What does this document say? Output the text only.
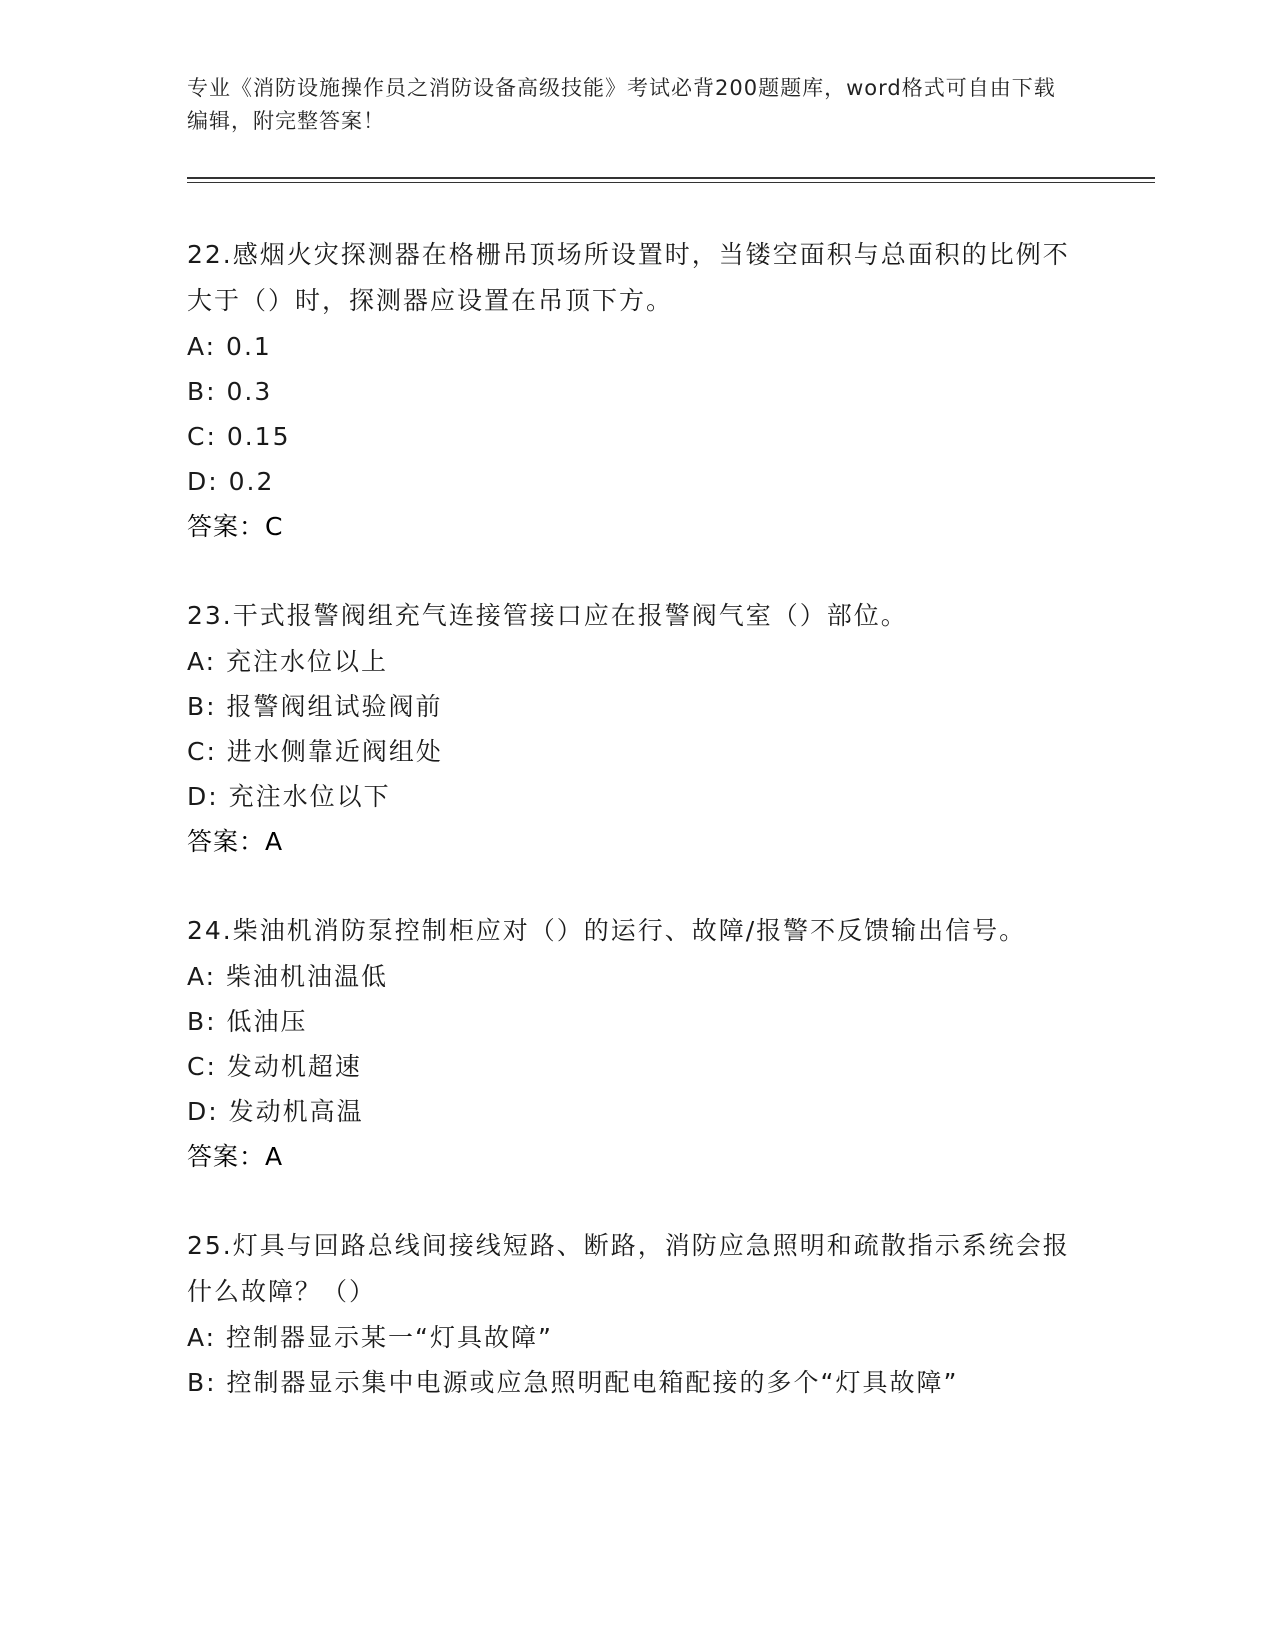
专业《消防设施操作员之消防设备高级技能》考试必背200题题库，word格式可自由下载编辑，附完整答案！

22.感烟火灾探测器在格栅吊顶场所设置时，当镂空面积与总面积的比例不大于（）时，探测器应设置在吊顶下方。

A: 0.1

B: 0.3

C: 0.15

D: 0.2

答案：C

23.干式报警阀组充气连接管接口应在报警阀气室（）部位。

A: 充注水位以上

B: 报警阀组试验阀前

C: 进水侧靠近阀组处

D: 充注水位以下

答案：A

24.柴油机消防泵控制柜应对（）的运行、故障/报警不反馈输出信号。

A: 柴油机油温低

B: 低油压

C: 发动机超速

D: 发动机高温

答案：A

25.灯具与回路总线间接线短路、断路，消防应急照明和疏散指示系统会报什么故障？（）

A: 控制器显示某一“灯具故障”

B: 控制器显示集中电源或应急照明配电箱配接的多个“灯具故障”
